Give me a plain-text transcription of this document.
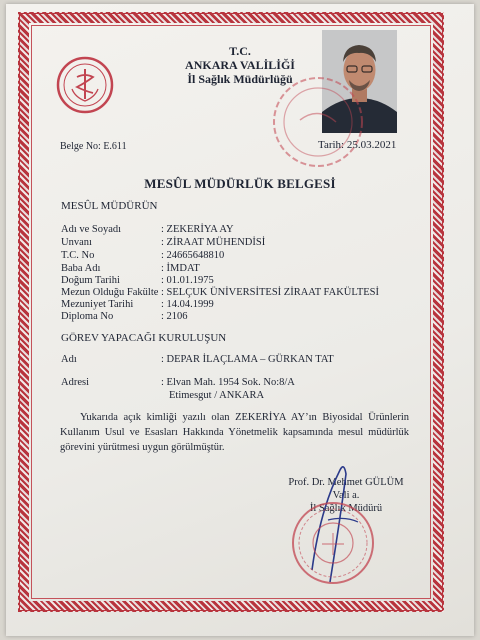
T.C.
ANKARA VALİLİĞİ
İl Sağlık Müdürlüğü
Belge No: E.611	Tarih: 25.03.2021
MESÛL MÜDÜRLÜK BELGESİ
MESÛL MÜDÜRÜN
Adı ve Soyadı	: ZEKERİYA AY
Unvanı	: ZİRAAT MÜHENDİSİ
T.C. No	: 24665648810
Baba Adı	: İMDAT
Doğum Tarihi	: 01.01.1975
Mezun Olduğu Fakülte : SELÇUK ÜNİVERSİTESİ ZİRAAT FAKÜLTESİ
Mezuniyet Tarihi	: 14.04.1999
Diploma No	: 2106
GÖREV YAPACAĞI KURULUŞUN
Adı	: DEPAR İLAÇLAMA – GÜRKAN TAT
Adresi	: Elvan Mah. 1954 Sok. No:8/A
Etimesgut / ANKARA
Yukarıda açık kimliği yazılı olan ZEKERİYA AY’ın Biyosidal Ürünlerin Kullanım Usul ve Esasları Hakkında Yönetmelik kapsamında mesul müdürlük görevini yürütmesi uygun görülmüştür.
Prof. Dr. Mehmet GÜLÜM
Vali a.
İl Sağlık Müdürü
